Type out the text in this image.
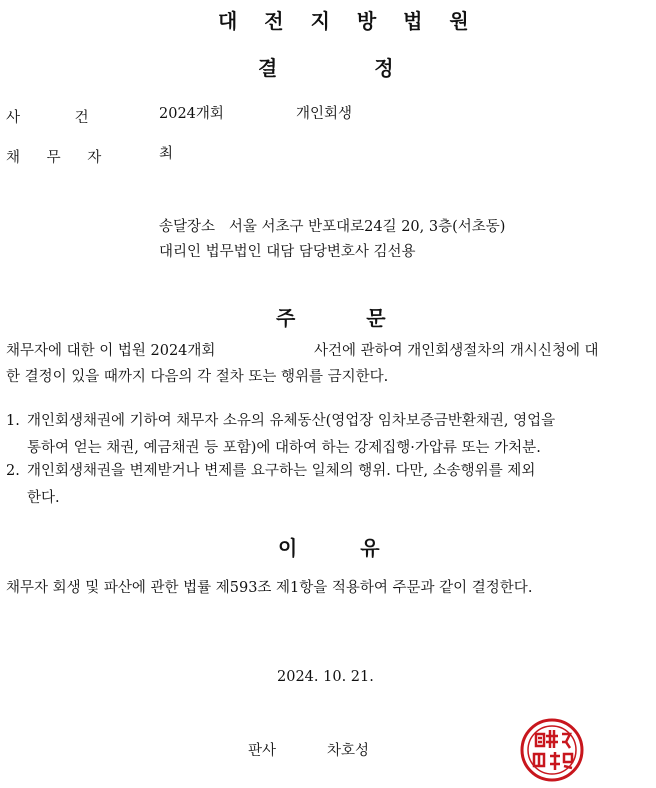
대 전 지 방 법 원
결 정
사 건	2024개회	개인회생
채 무 자	최
송달장소 서울 서초구 반포대로24길 20, 3층(서초동)
대리인 법무법인 대담 담당변호사 김선용
주 문
채무자에 대한 이 법원 2024개회	사건에 관하여 개인회생절차의 개시신청에 대
한 결정이 있을 때까지 다음의 각 절차 또는 행위를 금지한다.
1. 개인회생채권에 기하여 채무자 소유의 유체동산(영업장 임차보증금반환채권, 영업을
통하여 얻는 채권, 예금채권 등 포함)에 대하여 하는 강제집행·가압류 또는 가처분.
2. 개인회생채권을 변제받거나 변제를 요구하는 일체의 행위. 다만, 소송행위를 제외
한다.
이 유
채무자 회생 및 파산에 관한 법률 제593조 제1항을 적용하여 주문과 같이 결정한다.
2024. 10. 21.
판사	차호성
